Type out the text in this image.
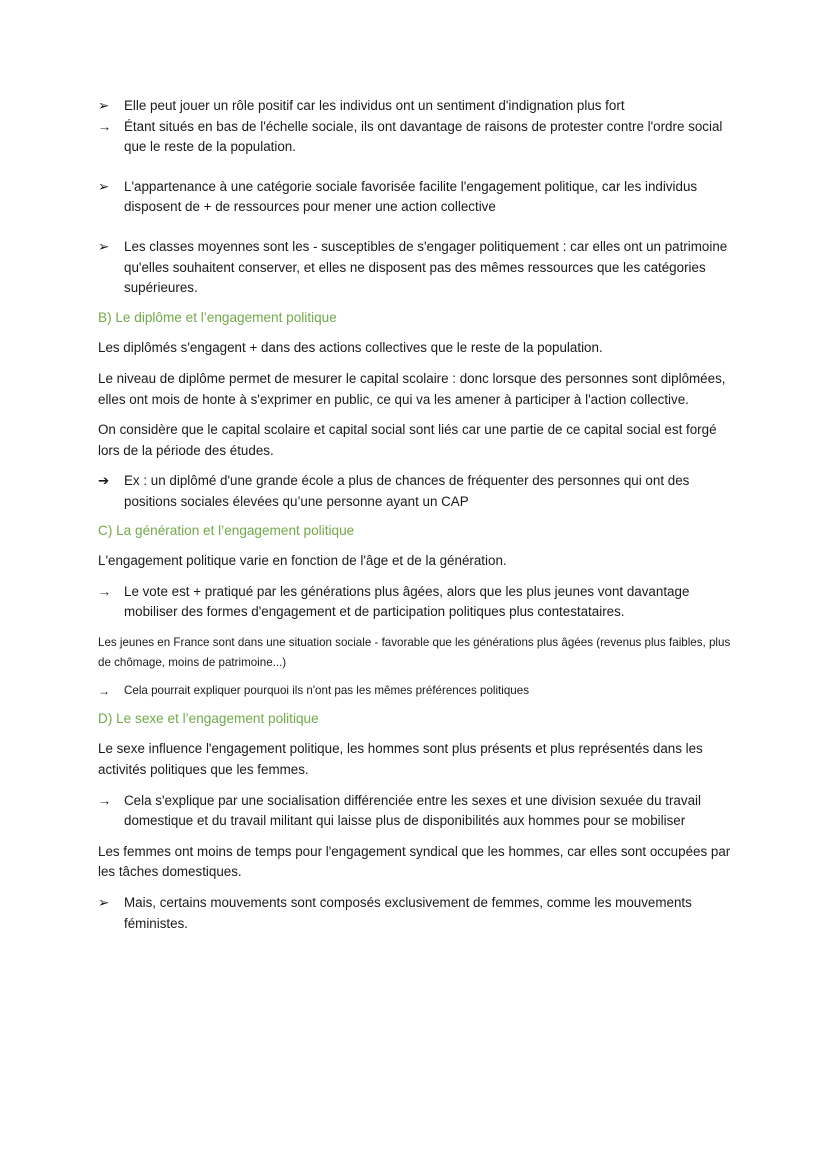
➢	Elle peut jouer un rôle positif car les individus ont un sentiment d'indignation plus fort
→ Étant situés en bas de l'échelle sociale, ils ont davantage de raisons de protester contre l'ordre social que le reste de la population.
➢	L'appartenance à une catégorie sociale favorisée facilite l'engagement politique, car les individus disposent de + de ressources pour mener une action collective
➢	Les classes moyennes sont les - susceptibles de s'engager politiquement : car elles ont un patrimoine qu'elles souhaitent conserver, et elles ne disposent pas des mêmes ressources que les catégories supérieures.
B) Le diplôme et l’engagement politique

Les diplômés s'engagent + dans des actions collectives que le reste de la population.

Le niveau de diplôme permet de mesurer le capital scolaire : donc lorsque des personnes sont diplômées, elles ont mois de honte à s'exprimer en public, ce qui va les amener à participer à l'action collective.

On considère que le capital scolaire et capital social sont liés car une partie de ce capital social est forgé lors de la période des études.

➔	Ex : un diplômé d'une grande école a plus de chances de fréquenter des personnes qui ont des positions sociales élevées qu’une personne ayant un CAP
C) La génération et l’engagement politique

L'engagement politique varie en fonction de l'âge et de la génération.

→ Le vote est + pratiqué par les générations plus âgées, alors que les plus jeunes vont davantage mobiliser des formes d'engagement et de participation politiques plus contestataires.

Les jeunes en France sont dans une situation sociale - favorable que les générations plus âgées (revenus plus faibles, plus de chômage, moins de patrimoine...)

→	Cela pourrait expliquer pourquoi ils n'ont pas les mêmes préférences politiques
D) Le sexe et l’engagement politique

Le sexe influence l'engagement politique, les hommes sont plus présents et plus représentés dans les activités politiques que les femmes.

→ Cela s'explique par une socialisation différenciée entre les sexes et une division sexuée du travail domestique et du travail militant qui laisse plus de disponibilités aux hommes pour se mobiliser

Les femmes ont moins de temps pour l'engagement syndical que les hommes, car elles sont occupées par les tâches domestiques.

➢	Mais, certains mouvements sont composés exclusivement de femmes, comme les mouvements féministes.
